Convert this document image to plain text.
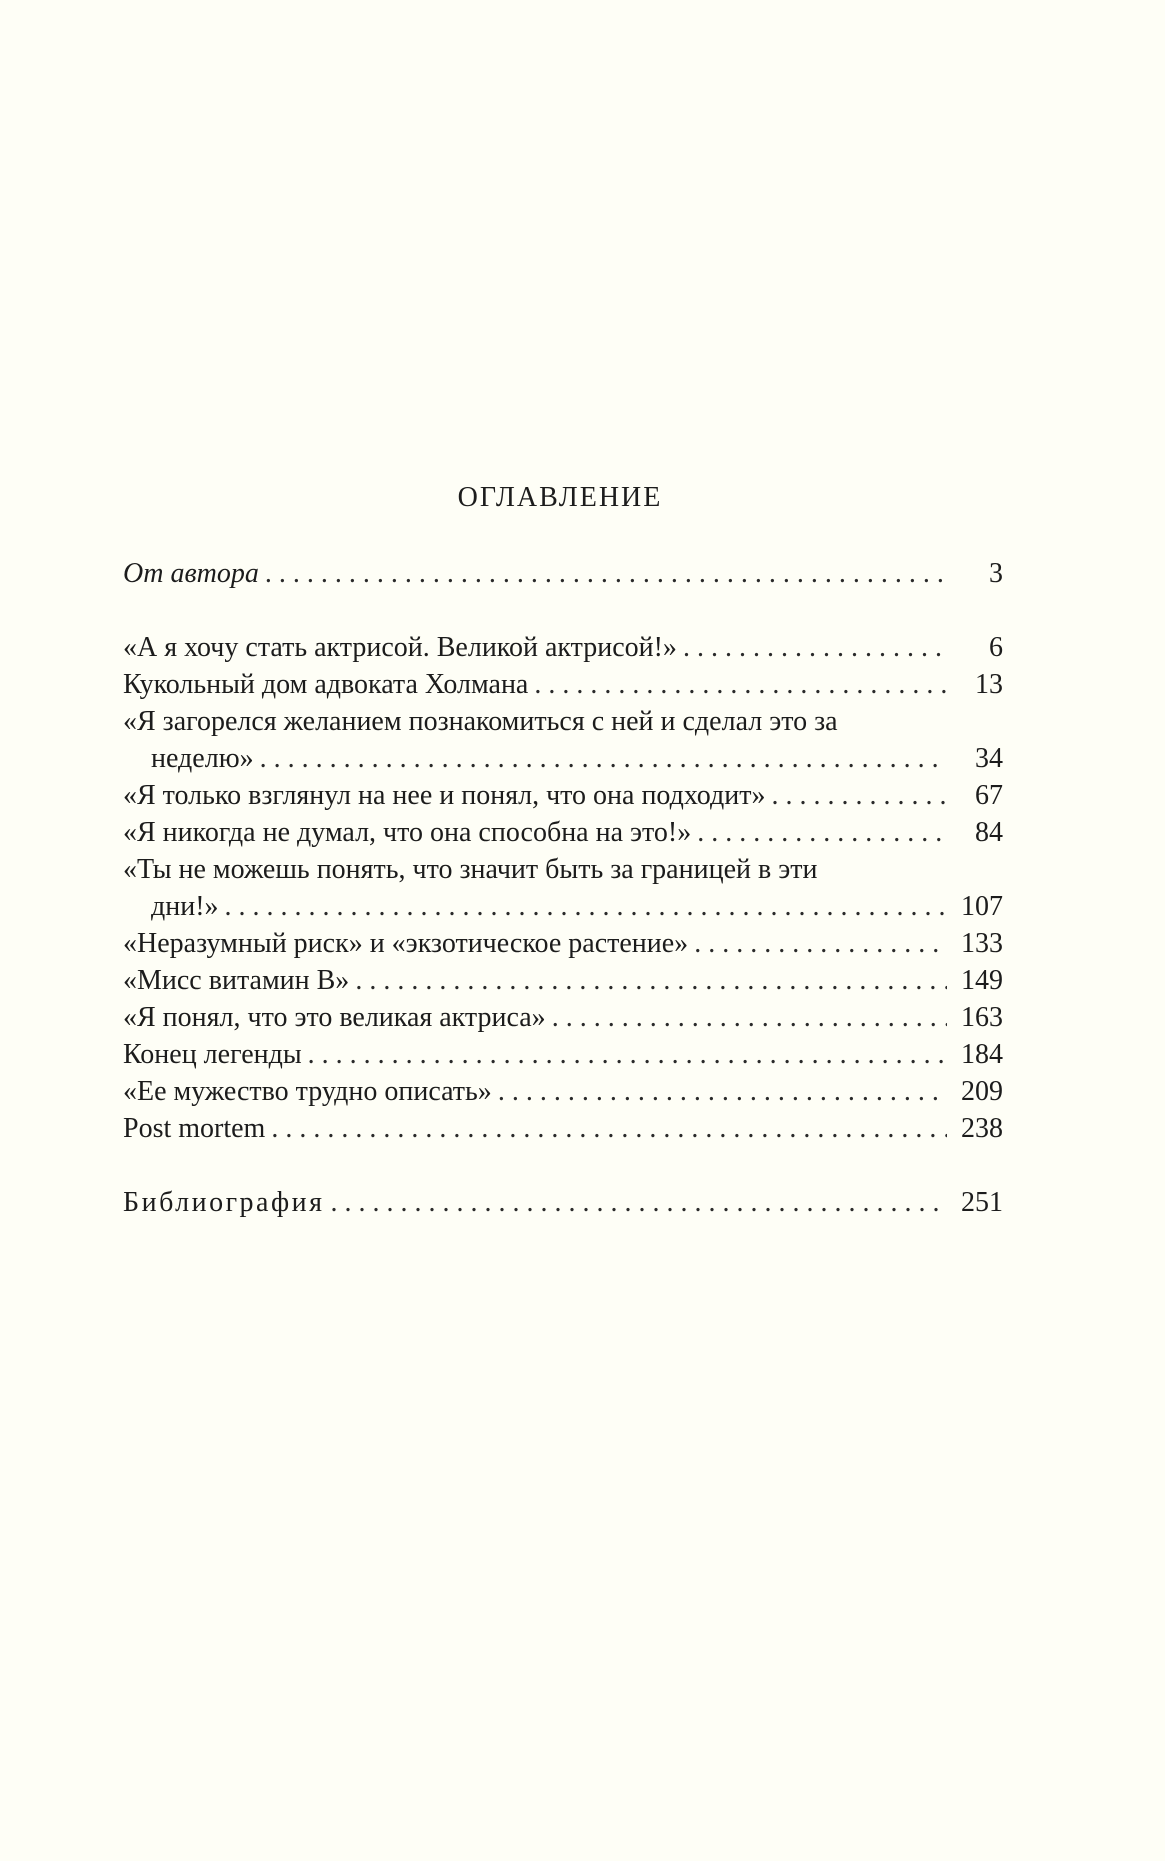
ОГЛАВЛЕНИЕ
От автора . . .	3
«А я хочу стать актрисой. Великой актрисой!» . . .	6
Кукольный дом адвоката Холмана . . .	13
«Я загорелся желанием познакомиться с ней и сделал это за
неделю» . . .	34
«Я только взглянул на нее и понял, что она подходит» . . .	67
«Я никогда не думал, что она способна на это!» . . .	84
«Ты не можешь понять, что значит быть за границей в эти
дни!» . . .	107
«Неразумный риск» и «экзотическое растение» . . .	133
«Мисс витамин В» . . .	149
«Я понял, что это великая актриса» . . .	163
Конец легенды . . .	184
«Ее мужество трудно описать» . . .	209
Post mortem . . .	238
Библиография . . .	251
